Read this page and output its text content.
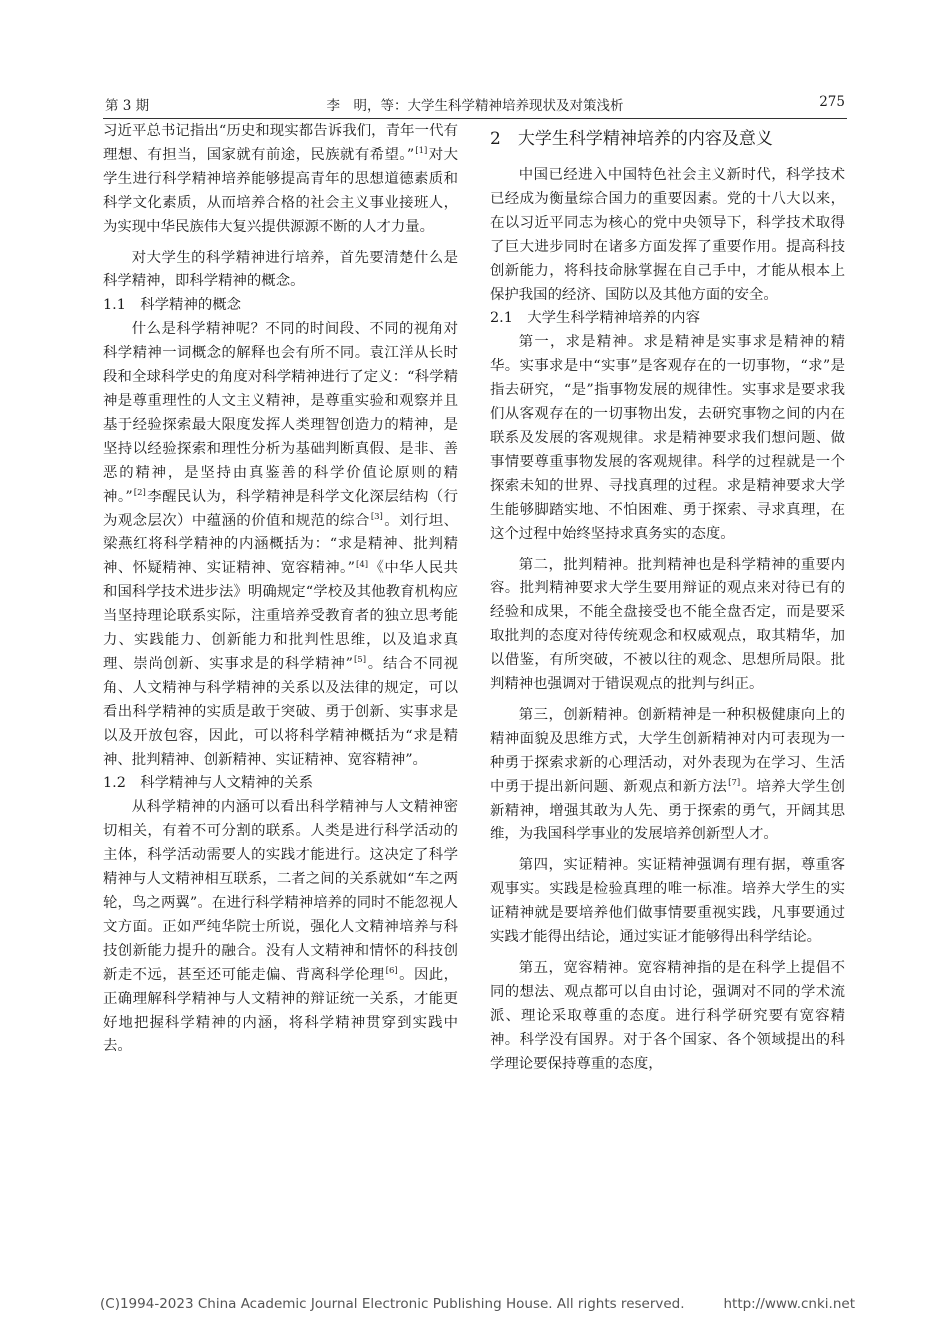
第 3 期	李　明，等：大学生科学精神培养现状及对策浅析	275

习近平总书记指出“历史和现实都告诉我们，青年一代有理想、有担当，国家就有前途，民族就有希望。”[1]对大学生进行科学精神培养能够提高青年的思想道德素质和科学文化素质，从而培养合格的社会主义事业接班人，为实现中华民族伟大复兴提供源源不断的人才力量。

对大学生的科学精神进行培养，首先要清楚什么是科学精神，即科学精神的概念。

1.1　科学精神的概念

什么是科学精神呢？不同的时间段、不同的视角对科学精神一词概念的解释也会有所不同。袁江洋从长时段和全球科学史的角度对科学精神进行了定义：“科学精神是尊重理性的人文主义精神，是尊重实验和观察并且基于经验探索最大限度发挥人类理智创造力的精神，是坚持以经验探索和理性分析为基础判断真假、是非、善恶的精神，是坚持由真鉴善的科学价值论原则的精神。”[2]李醒民认为，科学精神是科学文化深层结构（行为观念层次）中蕴涵的价值和规范的综合[3]。刘行坦、梁燕红将科学精神的内涵概括为：“求是精神、批判精神、怀疑精神、实证精神、宽容精神。”[4]《中华人民共和国科学技术进步法》明确规定“学校及其他教育机构应当坚持理论联系实际，注重培养受教育者的独立思考能力、实践能力、创新能力和批判性思维，以及追求真理、崇尚创新、实事求是的科学精神”[5]。结合不同视角、人文精神与科学精神的关系以及法律的规定，可以看出科学精神的实质是敢于突破、勇于创新、实事求是以及开放包容，因此，可以将科学精神概括为“求是精神、批判精神、创新精神、实证精神、宽容精神”。

1.2　科学精神与人文精神的关系

从科学精神的内涵可以看出科学精神与人文精神密切相关，有着不可分割的联系。人类是进行科学活动的主体，科学活动需要人的实践才能进行。这决定了科学精神与人文精神相互联系，二者之间的关系就如“车之两轮，鸟之两翼”。在进行科学精神培养的同时不能忽视人文方面。正如严纯华院士所说，强化人文精神培养与科技创新能力提升的融合。没有人文精神和情怀的科技创新走不远，甚至还可能走偏、背离科学伦理[6]。因此，正确理解科学精神与人文精神的辩证统一关系，才能更好地把握科学精神的内涵，将科学精神贯穿到实践中去。

2　大学生科学精神培养的内容及意义

中国已经进入中国特色社会主义新时代，科学技术已经成为衡量综合国力的重要因素。党的十八大以来，在以习近平同志为核心的党中央领导下，科学技术取得了巨大进步同时在诸多方面发挥了重要作用。提高科技创新能力，将科技命脉掌握在自己手中，才能从根本上保护我国的经济、国防以及其他方面的安全。

2.1　大学生科学精神培养的内容

第一，求是精神。求是精神是实事求是精神的精华。实事求是中“实事”是客观存在的一切事物，“求”是指去研究，“是”指事物发展的规律性。实事求是要求我们从客观存在的一切事物出发，去研究事物之间的内在联系及发展的客观规律。求是精神要求我们想问题、做事情要尊重事物发展的客观规律。科学的过程就是一个探索未知的世界、寻找真理的过程。求是精神要求大学生能够脚踏实地、不怕困难、勇于探索、寻求真理，在这个过程中始终坚持求真务实的态度。

第二，批判精神。批判精神也是科学精神的重要内容。批判精神要求大学生要用辩证的观点来对待已有的经验和成果，不能全盘接受也不能全盘否定，而是要采取批判的态度对待传统观念和权威观点，取其精华，加以借鉴，有所突破，不被以往的观念、思想所局限。批判精神也强调对于错误观点的批判与纠正。

第三，创新精神。创新精神是一种积极健康向上的精神面貌及思维方式，大学生创新精神对内可表现为一种勇于探索求新的心理活动，对外表现为在学习、生活中勇于提出新问题、新观点和新方法[7]。培养大学生创新精神，增强其敢为人先、勇于探索的勇气，开阔其思维，为我国科学事业的发展培养创新型人才。

第四，实证精神。实证精神强调有理有据，尊重客观事实。实践是检验真理的唯一标准。培养大学生的实证精神就是要培养他们做事情要重视实践，凡事要通过实践才能得出结论，通过实证才能够得出科学结论。

第五，宽容精神。宽容精神指的是在科学上提倡不同的想法、观点都可以自由讨论，强调对不同的学术流派、理论采取尊重的态度。进行科学研究要有宽容精神。科学没有国界。对于各个国家、各个领域提出的科学理论要保持尊重的态度，

(C)1994-2023 China Academic Journal Electronic Publishing House. All rights reserved.	http://www.cnki.net
